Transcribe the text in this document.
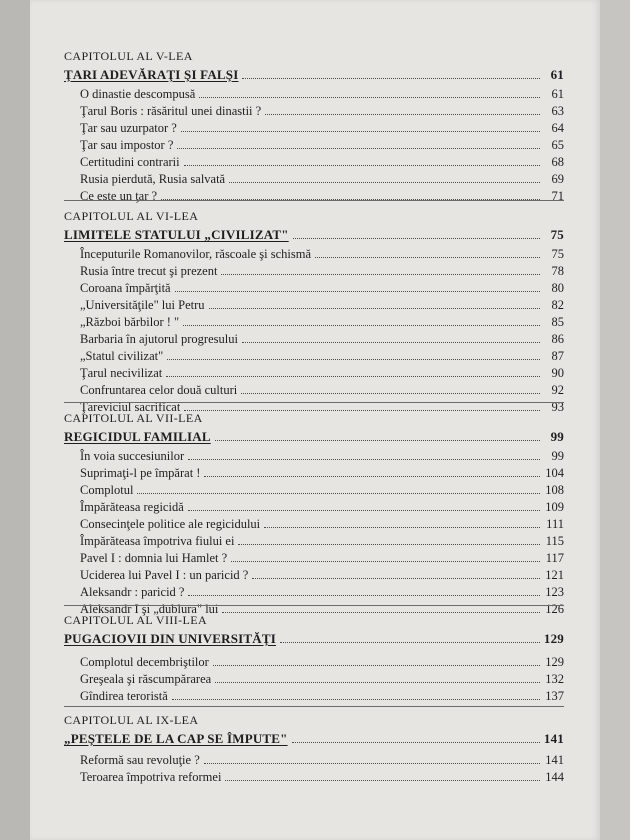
CAPITOLUL AL V-LEA
ŢARI ADEVĂRAŢI ŞI FALŞI	61
O dinastie descompusă	61
Ţarul Boris : răsăritul unei dinastii ?	63
Ţar sau uzurpator ?	64
Ţar sau impostor ?	65
Certitudini contrarii	68
Rusia pierdută, Rusia salvată	69
Ce este un ţar ?	71
CAPITOLUL AL VI-LEA
LIMITELE STATULUI „CIVILIZAT"	75
Începuturile Romanovilor, răscoale şi schismă	75
Rusia între trecut şi prezent	78
Coroana împărţită	80
„Universităţile" lui Petru	82
„Război bărbilor ! "	85
Barbaria în ajutorul progresului	86
„Statul civilizat"	87
Ţarul necivilizat	90
Confruntarea celor două culturi	92
Ţareviciul sacrificat	93
CAPITOLUL AL VII-LEA
REGICIDUL FAMILIAL	99
În voia succesiunilor	99
Suprimaţi-l pe împărat !	104
Complotul	108
Împărăteasa regicidă	109
Consecinţele politice ale regicidului	111
Împărăteasa împotriva fiului ei	115
Pavel I : domnia lui Hamlet ?	117
Uciderea lui Pavel I : un paricid ?	121
Aleksandr : paricid ?	123
Aleksandr I şi „dublura" lui	126
CAPITOLUL AL VIII-LEA
PUGACIOVII DIN UNIVERSITĂŢI	129
Complotul decembriştilor	129
Greşeala şi răscumpărarea	132
Gîndirea teroristă	137
CAPITOLUL AL IX-LEA
„PEŞTELE DE LA CAP SE ÎMPUTE"	141
Reformă sau revoluţie ?	141
Teroarea împotriva reformei	144
